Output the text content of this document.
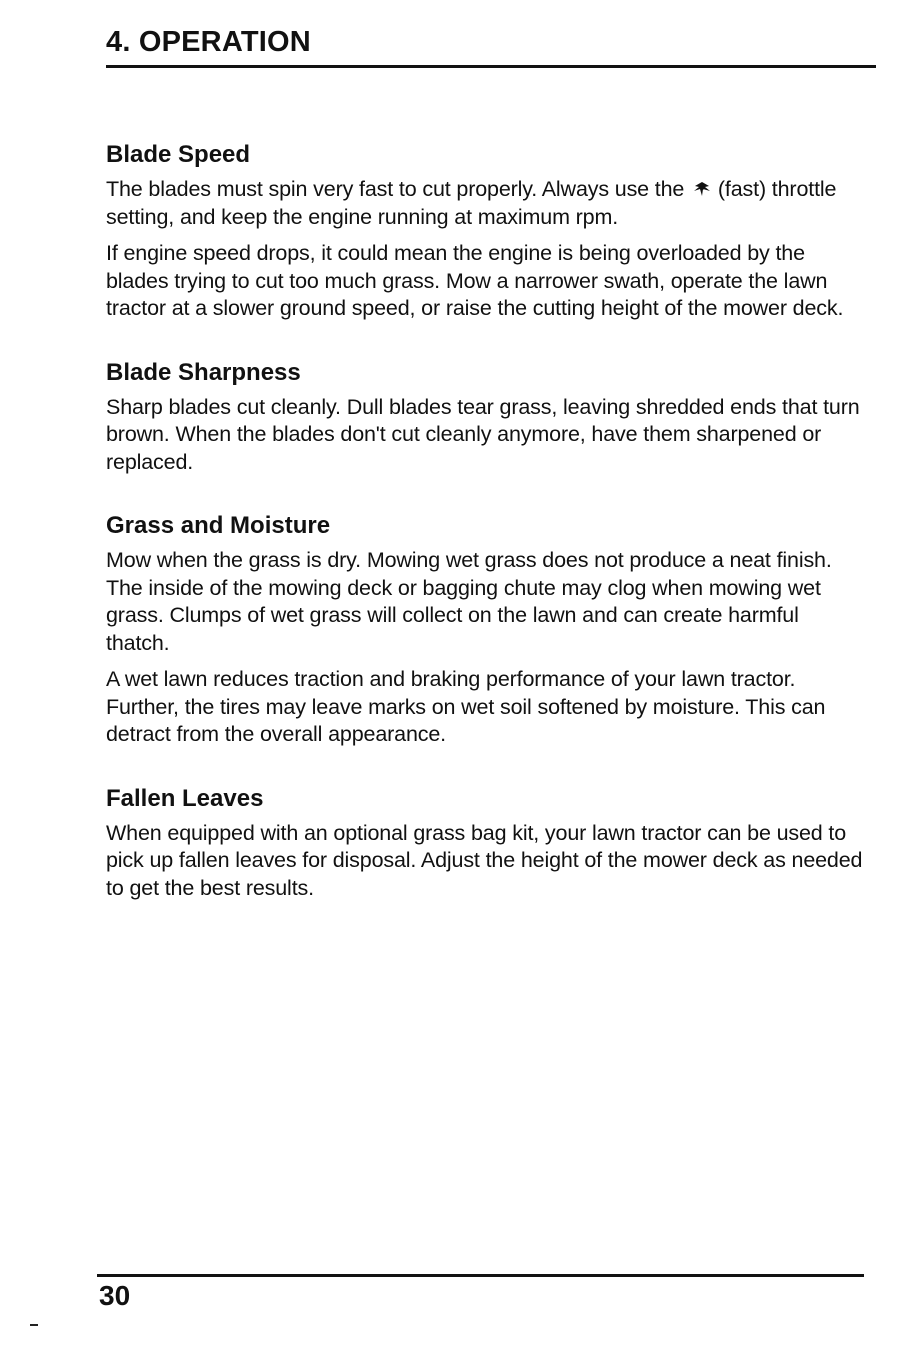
4. OPERATION
Blade Speed

The blades must spin very fast to cut properly. Always use the (fast) throttle setting, and keep the engine running at maximum rpm.

If engine speed drops, it could mean the engine is being overloaded by the blades trying to cut too much grass. Mow a narrower swath, operate the lawn tractor at a slower ground speed, or raise the cutting height of the mower deck.

Blade Sharpness

Sharp blades cut cleanly. Dull blades tear grass, leaving shredded ends that turn brown. When the blades don't cut cleanly anymore, have them sharpened or replaced.

Grass and Moisture

Mow when the grass is dry. Mowing wet grass does not produce a neat finish. The inside of the mowing deck or bagging chute may clog when mowing wet grass. Clumps of wet grass will collect on the lawn and can create harmful thatch.

A wet lawn reduces traction and braking performance of your lawn tractor. Further, the tires may leave marks on wet soil softened by moisture. This can detract from the overall appearance.

Fallen Leaves

When equipped with an optional grass bag kit, your lawn tractor can be used to pick up fallen leaves for disposal. Adjust the height of the mower deck as needed to get the best results.

30
